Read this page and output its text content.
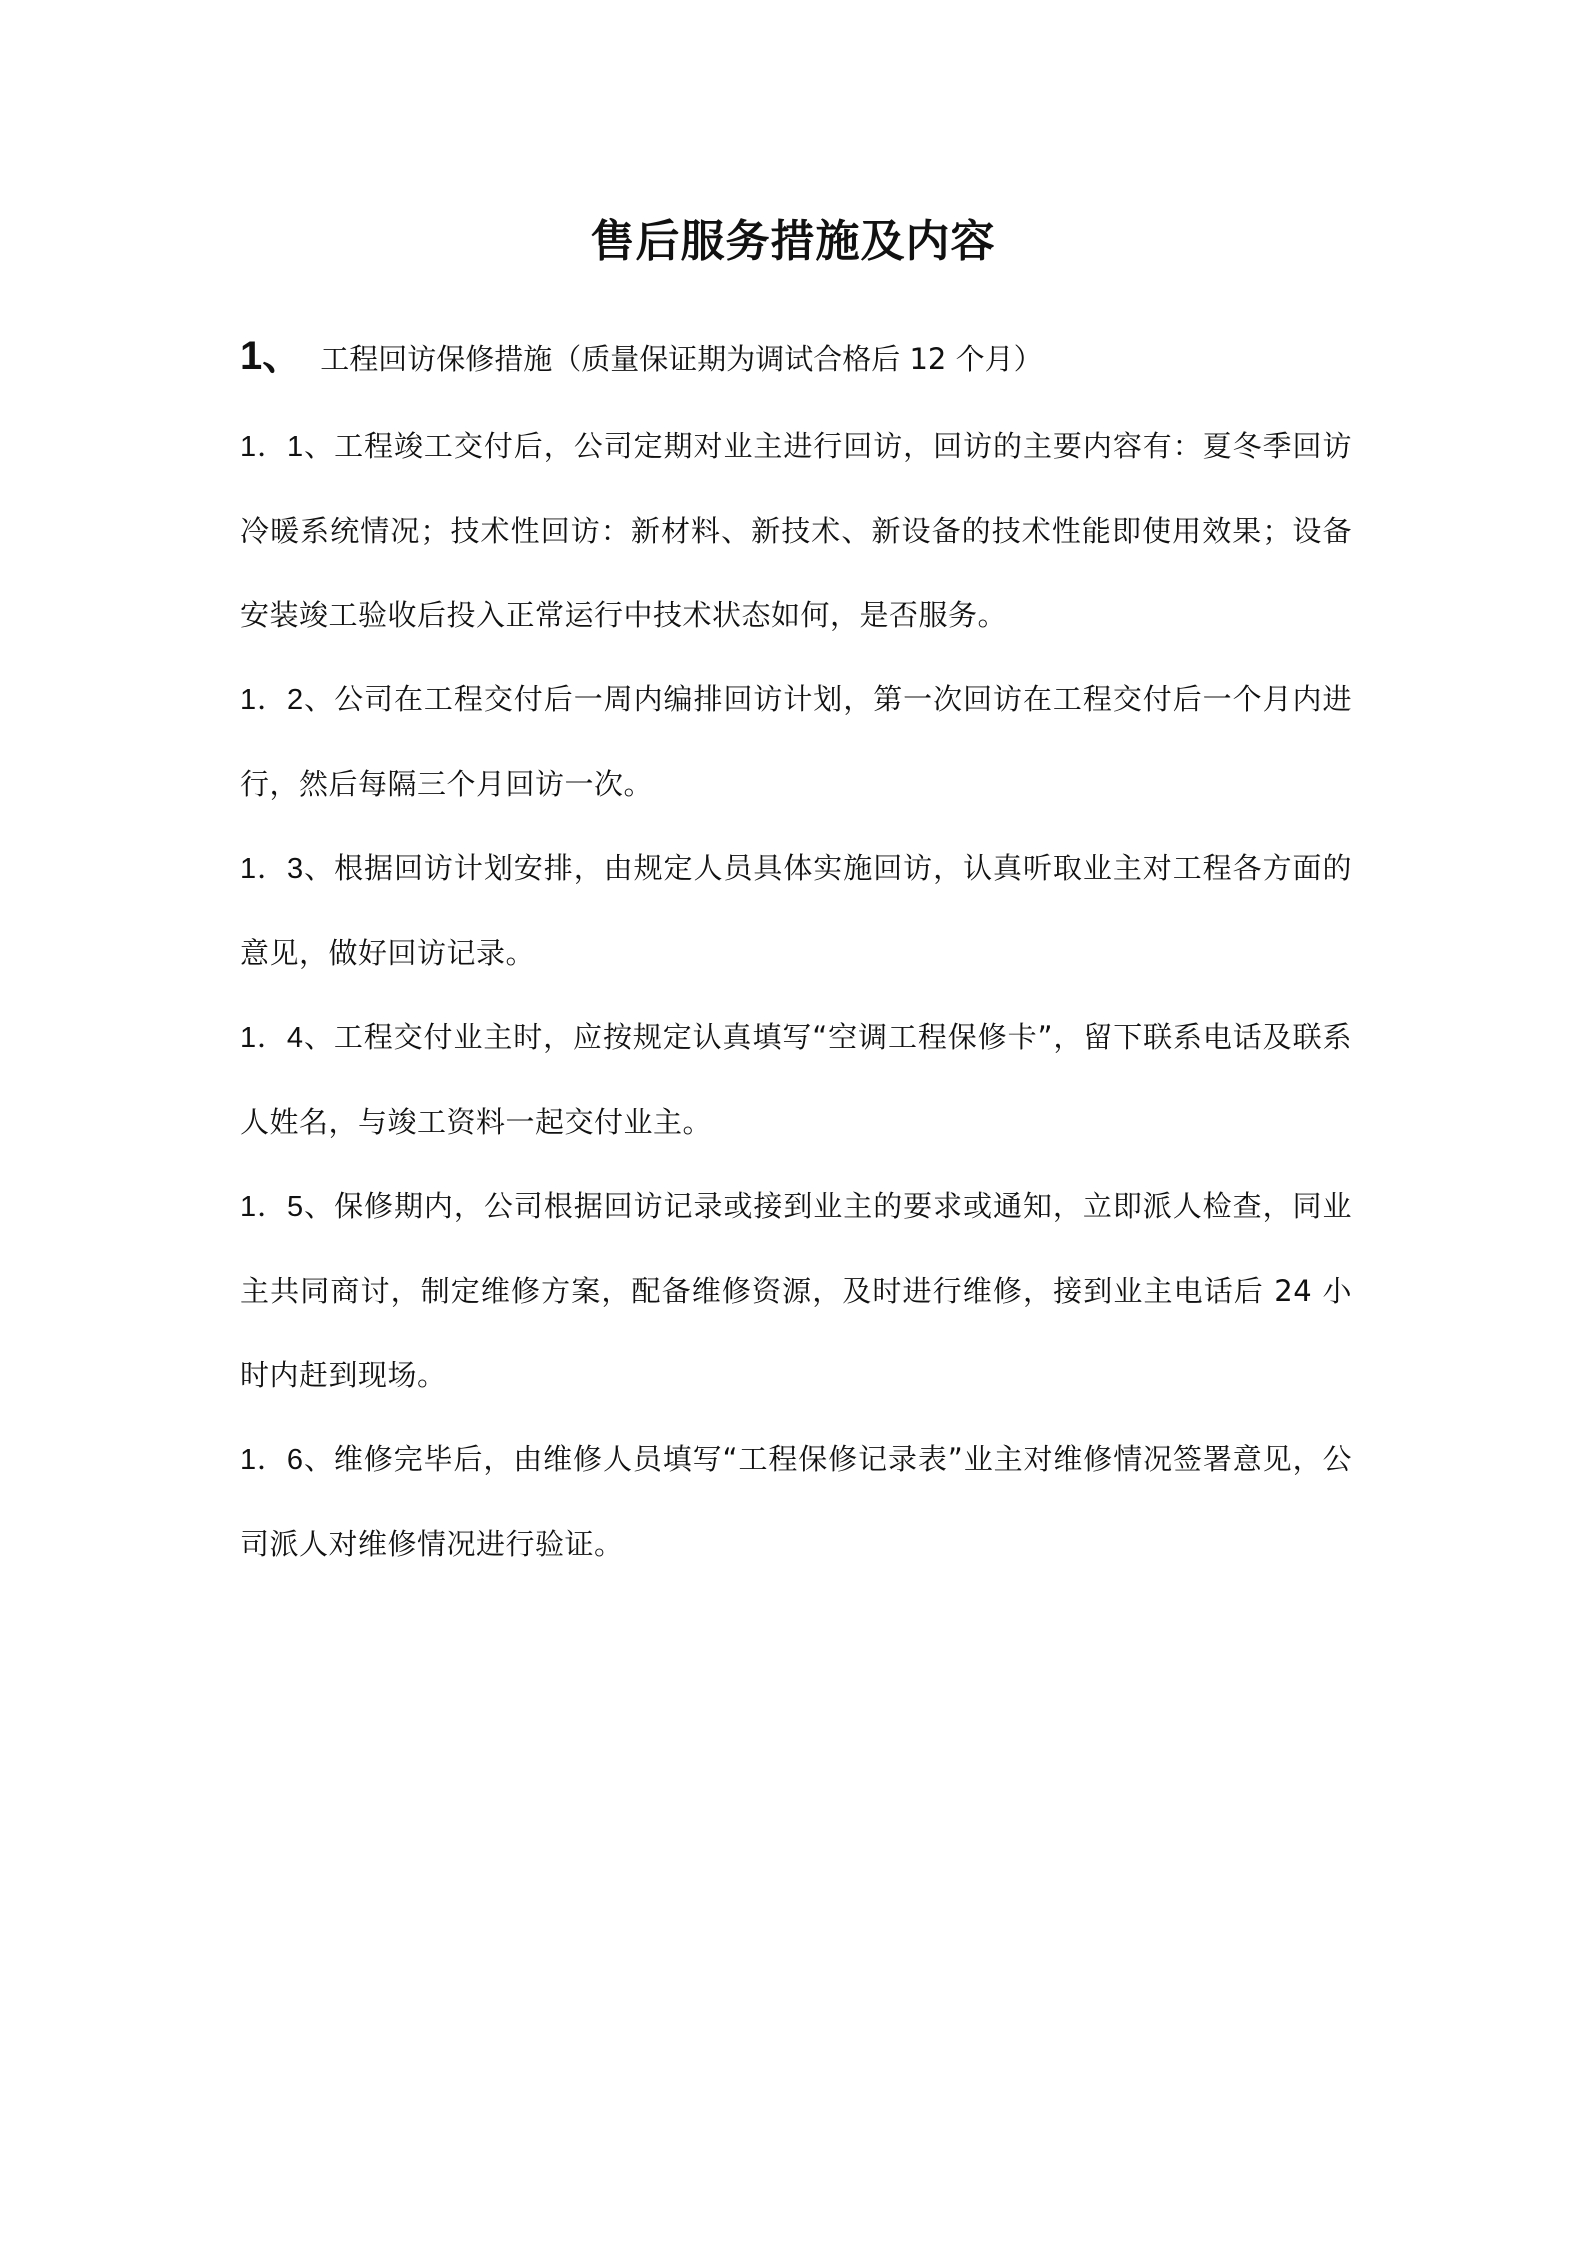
售后服务措施及内容
1、 工程回访保修措施（质量保证期为调试合格后 12 个月）

1．1、工程竣工交付后，公司定期对业主进行回访，回访的主要内容有：夏冬季回访冷暖系统情况；技术性回访：新材料、新技术、新设备的技术性能即使用效果；设备安装竣工验收后投入正常运行中技术状态如何，是否服务。

1．2、公司在工程交付后一周内编排回访计划，第一次回访在工程交付后一个月内进行，然后每隔三个月回访一次。

1．3、根据回访计划安排，由规定人员具体实施回访，认真听取业主对工程各方面的意见，做好回访记录。

1．4、工程交付业主时，应按规定认真填写“空调工程保修卡”，留下联系电话及联系人姓名，与竣工资料一起交付业主。

1．5、保修期内，公司根据回访记录或接到业主的要求或通知，立即派人检查，同业主共同商讨，制定维修方案，配备维修资源，及时进行维修，接到业主电话后 24 小时内赶到现场。

1．6、维修完毕后，由维修人员填写“工程保修记录表”业主对维修情况签署意见，公司派人对维修情况进行验证。
